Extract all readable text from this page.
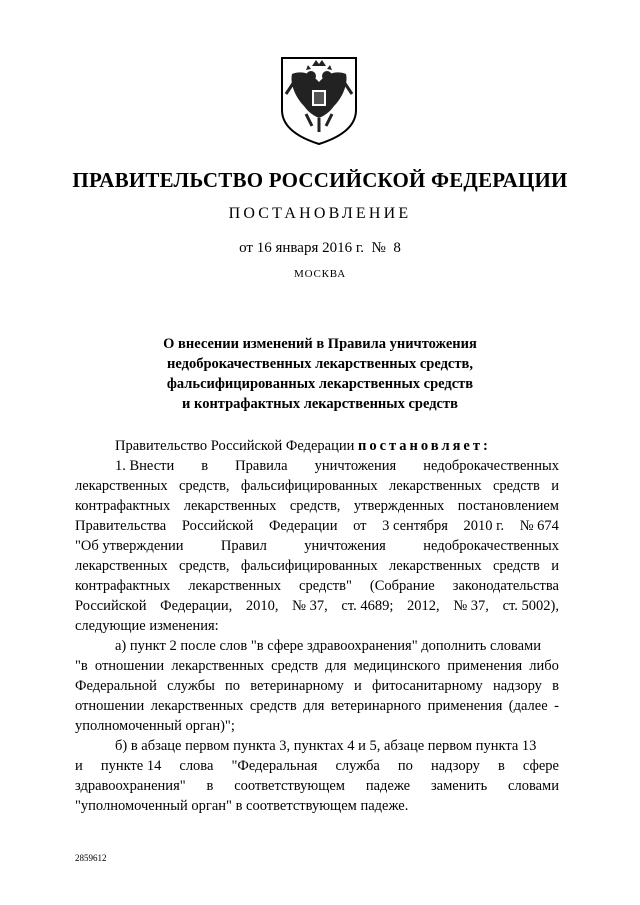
ПРАВИТЕЛЬСТВО РОССИЙСКОЙ ФЕДЕРАЦИИ
ПОСТАНОВЛЕНИЕ
от 16 января 2016 г.  №  8
МОСКВА
О внесении изменений в Правила уничтожения
недоброкачественных лекарственных средств,
фальсифицированных лекарственных средств
и контрафактных лекарственных средств
Правительство Российской Федерации постановляет:
1. Внести в Правила уничтожения недоброкачественных
лекарственных средств, фальсифицированных лекарственных средств и
контрафактных лекарственных средств, утвержденных постановлением
Правительства Российской Федерации от 3 сентября 2010 г. № 674
"Об утверждении	Правил	уничтожения	недоброкачественных
лекарственных средств, фальсифицированных лекарственных средств и
контрафактных лекарственных средств" (Собрание законодательства
Российской Федерации, 2010, № 37, ст. 4689; 2012, № 37, ст. 5002),
следующие изменения:
а) пункт 2 после слов "в сфере здравоохранения" дополнить словами
"в отношении лекарственных средств для медицинского применения либо
Федеральной службы по ветеринарному и фитосанитарному надзору в
отношении лекарственных средств для ветеринарного применения (далее -
уполномоченный орган)";
б) в абзаце первом пункта 3, пунктах 4 и 5, абзаце первом пункта 13
и пункте 14 слова "Федеральная служба по надзору в сфере
здравоохранения" в соответствующем падеже заменить словами
"уполномоченный орган" в соответствующем падеже.
2859612
